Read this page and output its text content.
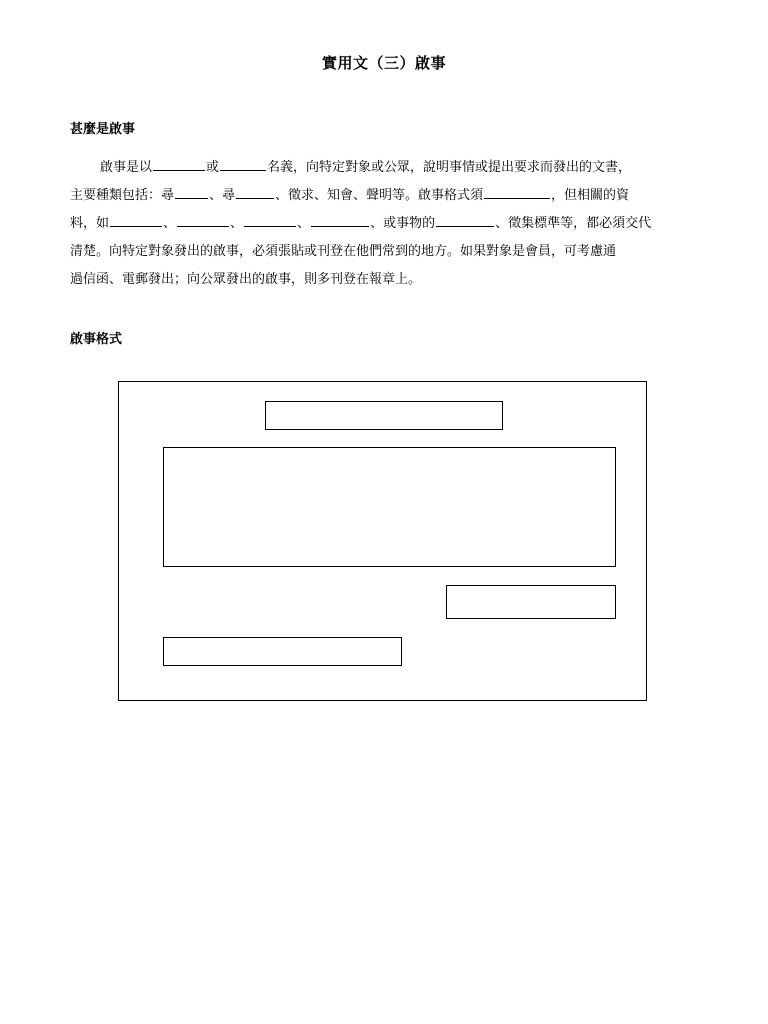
實用文（三）啟事
甚麼是啟事
啟事是以	或	名義，向特定對象或公眾，說明事情或提出要求而發出的文書，
主要種類包括：尋	、尋	、徵求、知會、聲明等。啟事格式須	，但相關的資
料，如	、	、	、	、或事物的	、徵集標準等，都必須交代
清楚。向特定對象發出的啟事，必須張貼或刊登在他們常到的地方。如果對象是會員，可考慮通
過信函、電郵發出；向公眾發出的啟事，則多刊登在報章上。
啟事格式
